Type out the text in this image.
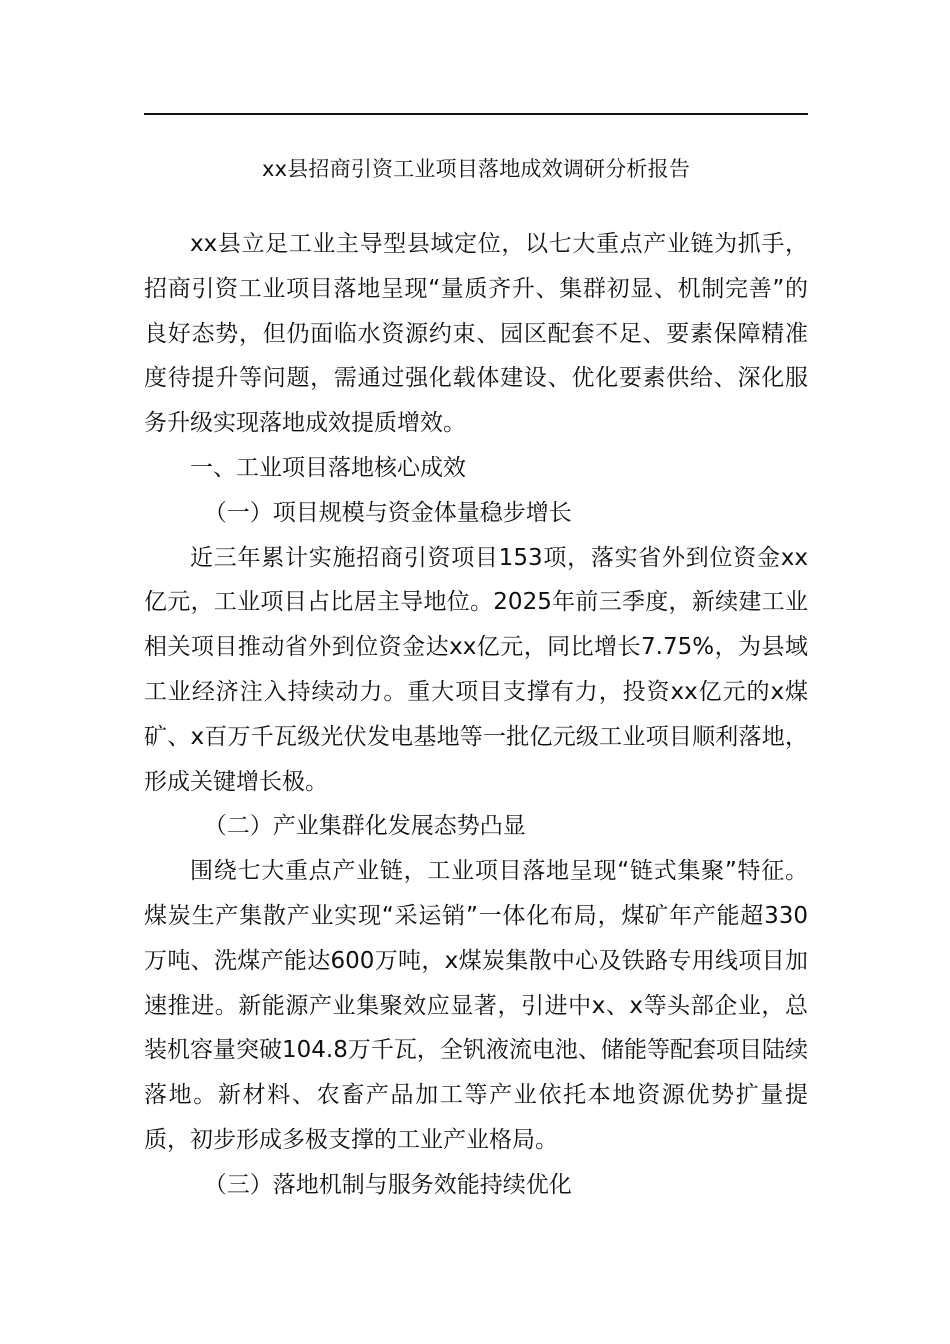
xx县招商引资工业项目落地成效调研分析报告

xx县立足工业主导型县域定位，以七大重点产业链为抓手，招商引资工业项目落地呈现“量质齐升、集群初显、机制完善”的良好态势，但仍面临水资源约束、园区配套不足、要素保障精准度待提升等问题，需通过强化载体建设、优化要素供给、深化服务升级实现落地成效提质增效。

一、工业项目落地核心成效

（一）项目规模与资金体量稳步增长

近三年累计实施招商引资项目153项，落实省外到位资金xx亿元，工业项目占比居主导地位。2025年前三季度，新续建工业相关项目推动省外到位资金达xx亿元，同比增长7.75%，为县域工业经济注入持续动力。重大项目支撑有力，投资xx亿元的x煤矿、x百万千瓦级光伏发电基地等一批亿元级工业项目顺利落地，形成关键增长极。

（二）产业集群化发展态势凸显

围绕七大重点产业链，工业项目落地呈现“链式集聚”特征。煤炭生产集散产业实现“采运销”一体化布局，煤矿年产能超330万吨、洗煤产能达600万吨，x煤炭集散中心及铁路专用线项目加速推进。新能源产业集聚效应显著，引进中x、x等头部企业，总装机容量突破104.8万千瓦，全钒液流电池、储能等配套项目陆续落地。新材料、农畜产品加工等产业依托本地资源优势扩量提质，初步形成多极支撑的工业产业格局。

（三）落地机制与服务效能持续优化
